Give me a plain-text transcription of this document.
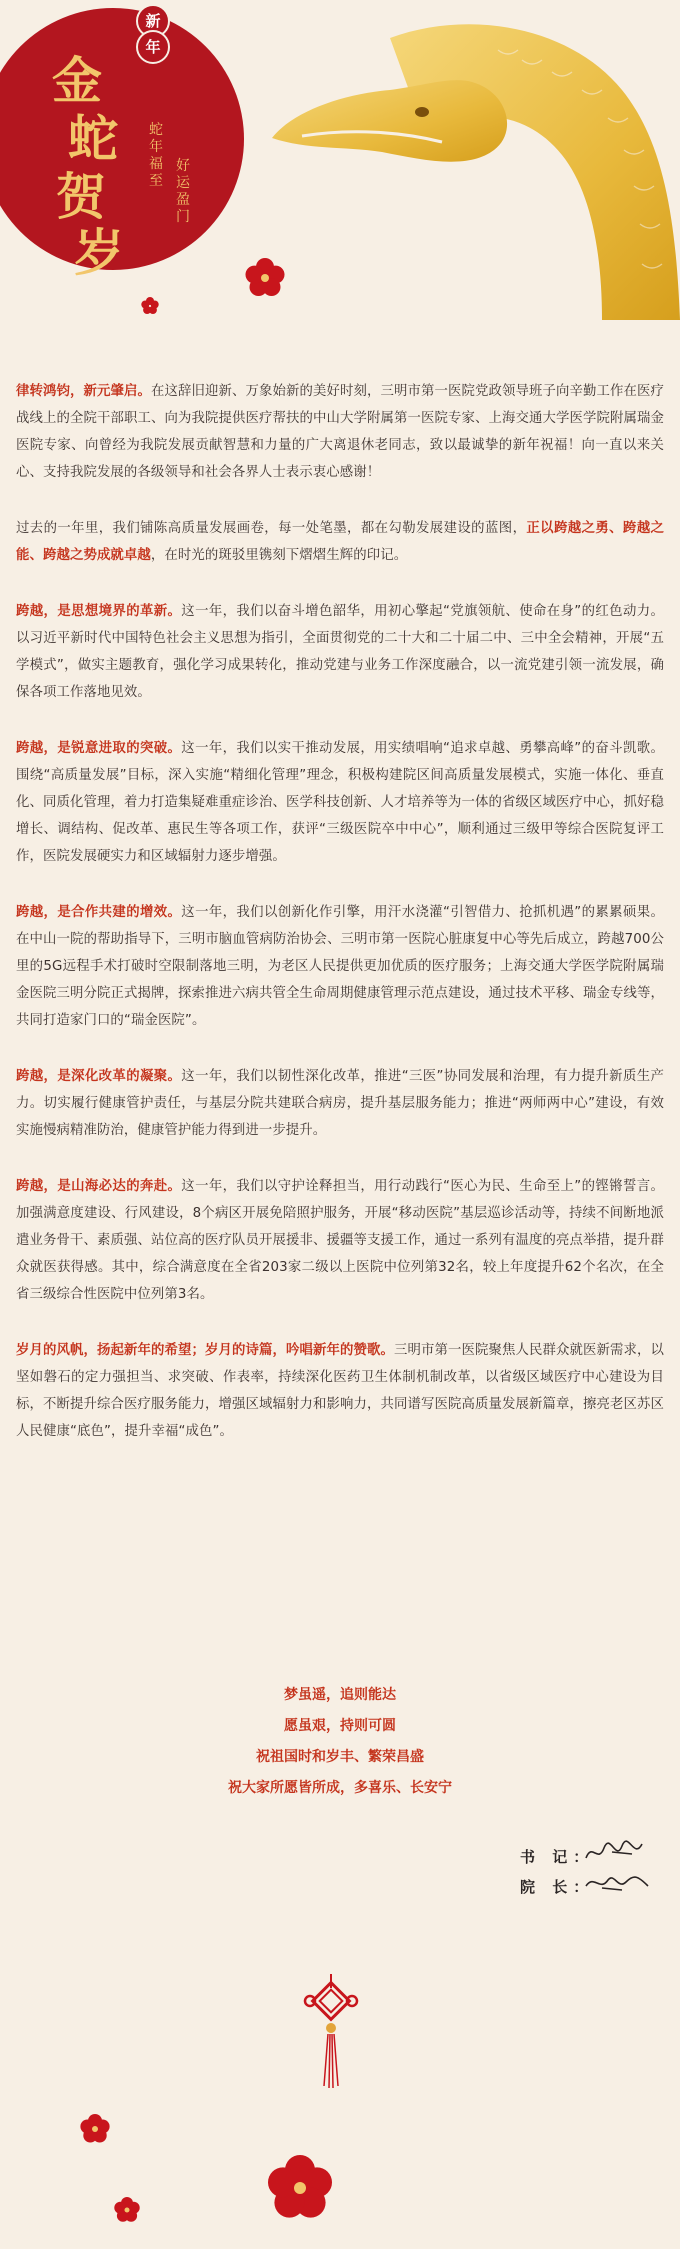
新
年
金
蛇
贺
岁
蛇年福至
好运盈门

律转鸿钧，新元肇启。在这辞旧迎新、万象始新的美好时刻，三明市第一医院党政领导班子向辛勤工作在医疗战线上的全院干部职工、向为我院提供医疗帮扶的中山大学附属第一医院专家、上海交通大学医学院附属瑞金医院专家、向曾经为我院发展贡献智慧和力量的广大离退休老同志，致以最诚挚的新年祝福！向一直以来关心、支持我院发展的各级领导和社会各界人士表示衷心感谢！

过去的一年里，我们铺陈高质量发展画卷，每一处笔墨，都在勾勒发展建设的蓝图，正以跨越之勇、跨越之能、跨越之势成就卓越，在时光的斑驳里镌刻下熠熠生辉的印记。

跨越，是思想境界的革新。这一年，我们以奋斗增色韶华，用初心擎起“党旗领航、使命在身”的红色动力。以习近平新时代中国特色社会主义思想为指引，全面贯彻党的二十大和二十届二中、三中全会精神，开展“五学模式”，做实主题教育，强化学习成果转化，推动党建与业务工作深度融合，以一流党建引领一流发展，确保各项工作落地见效。

跨越，是锐意进取的突破。这一年，我们以实干推动发展，用实绩唱响“追求卓越、勇攀高峰”的奋斗凯歌。围绕“高质量发展”目标，深入实施“精细化管理”理念，积极构建院区间高质量发展模式，实施一体化、垂直化、同质化管理，着力打造集疑难重症诊治、医学科技创新、人才培养等为一体的省级区域医疗中心，抓好稳增长、调结构、促改革、惠民生等各项工作，获评“三级医院卒中中心”，顺利通过三级甲等综合医院复评工作，医院发展硬实力和区域辐射力逐步增强。

跨越，是合作共建的增效。这一年，我们以创新化作引擎，用汗水浇灌“引智借力、抢抓机遇”的累累硕果。在中山一院的帮助指导下，三明市脑血管病防治协会、三明市第一医院心脏康复中心等先后成立，跨越700公里的5G远程手术打破时空限制落地三明，为老区人民提供更加优质的医疗服务；上海交通大学医学院附属瑞金医院三明分院正式揭牌，探索推进六病共管全生命周期健康管理示范点建设，通过技术平移、瑞金专线等，共同打造家门口的“瑞金医院”。

跨越，是深化改革的凝聚。这一年，我们以韧性深化改革，推进“三医”协同发展和治理，有力提升新质生产力。切实履行健康管护责任，与基层分院共建联合病房，提升基层服务能力；推进“两师两中心”建设，有效实施慢病精准防治，健康管护能力得到进一步提升。

跨越，是山海必达的奔赴。这一年，我们以守护诠释担当，用行动践行“医心为民、生命至上”的铿锵誓言。加强满意度建设、行风建设，8个病区开展免陪照护服务，开展“移动医院”基层巡诊活动等，持续不间断地派遣业务骨干、素质强、站位高的医疗队员开展援非、援疆等支援工作，通过一系列有温度的亮点举措，提升群众就医获得感。其中，综合满意度在全省203家二级以上医院中位列第32名，较上年度提升62个名次，在全省三级综合性医院中位列第3名。

岁月的风帆，扬起新年的希望；岁月的诗篇，吟唱新年的赞歌。三明市第一医院聚焦人民群众就医新需求，以坚如磐石的定力强担当、求突破、作表率，持续深化医药卫生体制机制改革，以省级区域医疗中心建设为目标，不断提升综合医疗服务能力，增强区域辐射力和影响力，共同谱写医院高质量发展新篇章，擦亮老区苏区人民健康“底色”，提升幸福“成色”。

梦虽遥，追则能达
愿虽艰，持则可圆
祝祖国时和岁丰、繁荣昌盛
祝大家所愿皆所成，多喜乐、长安宁
书 记：
院 长：
